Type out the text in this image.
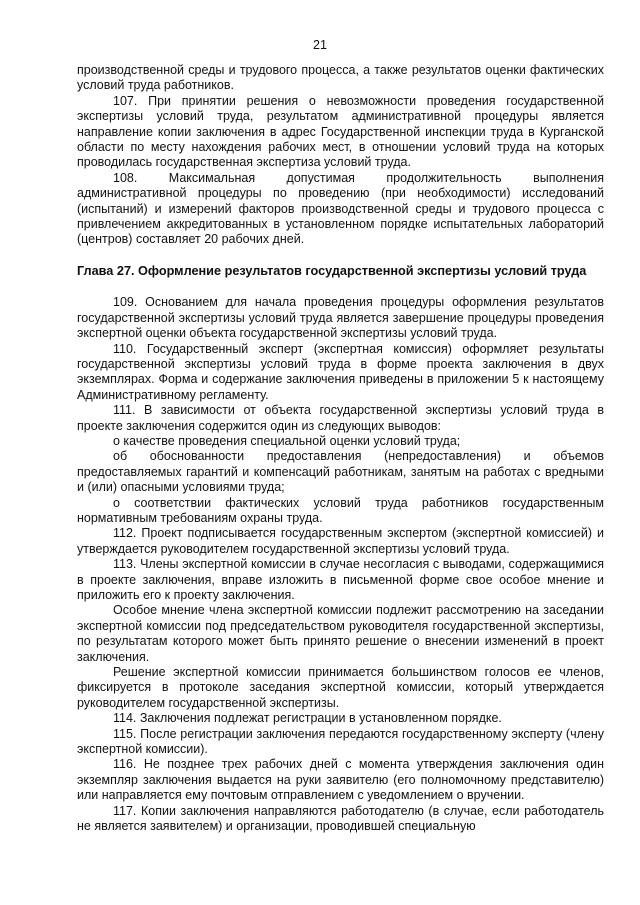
21

производственной среды и трудового процесса, а также результатов оценки фактических условий труда работников.

107. При принятии решения о невозможности проведения государственной экспертизы условий труда, результатом административной процедуры является направление копии заключения в адрес Государственной инспекции труда в Курганской области по месту нахождения рабочих мест, в отношении условий труда на которых проводилась государственная экспертиза условий труда.

108. Максимальная допустимая продолжительность выполнения административной процедуры по проведению (при необходимости) исследований (испытаний) и измерений факторов производственной среды и трудового процесса с привлечением аккредитованных в установленном порядке испытательных лабораторий (центров) составляет 20 рабочих дней.

Глава 27. Оформление результатов государственной экспертизы условий труда

109. Основанием для начала проведения процедуры оформления результатов государственной экспертизы условий труда является завершение процедуры проведения экспертной оценки объекта государственной экспертизы условий труда.

110. Государственный эксперт (экспертная комиссия) оформляет результаты государственной экспертизы условий труда в форме проекта заключения в двух экземплярах. Форма и содержание заключения приведены в приложении 5 к настоящему Административному регламенту.

111. В зависимости от объекта государственной экспертизы условий труда в проекте заключения содержится один из следующих выводов:

о качестве проведения специальной оценки условий труда;

об обоснованности предоставления (непредоставления) и объемов предоставляемых гарантий и компенсаций работникам, занятым на работах с вредными и (или) опасными условиями труда;

о соответствии фактических условий труда работников государственным нормативным требованиям охраны труда.

112. Проект подписывается государственным экспертом (экспертной комиссией) и утверждается руководителем государственной экспертизы условий труда.

113. Члены экспертной комиссии в случае несогласия с выводами, содержащимися в проекте заключения, вправе изложить в письменной форме свое особое мнение и приложить его к проекту заключения.

Особое мнение члена экспертной комиссии подлежит рассмотрению на заседании экспертной комиссии под председательством руководителя государственной экспертизы, по результатам которого может быть принято решение о внесении изменений в проект заключения.

Решение экспертной комиссии принимается большинством голосов ее членов, фиксируется в протоколе заседания экспертной комиссии, который утверждается руководителем государственной экспертизы.

114. Заключения подлежат регистрации в установленном порядке.

115. После регистрации заключения передаются государственному эксперту (члену экспертной комиссии).

116. Не позднее трех рабочих дней с момента утверждения заключения один экземпляр заключения выдается на руки заявителю (его полномочному представителю) или направляется ему почтовым отправлением с уведомлением о вручении.

117. Копии заключения направляются работодателю (в случае, если работодатель не является заявителем) и организации, проводившей специальную
